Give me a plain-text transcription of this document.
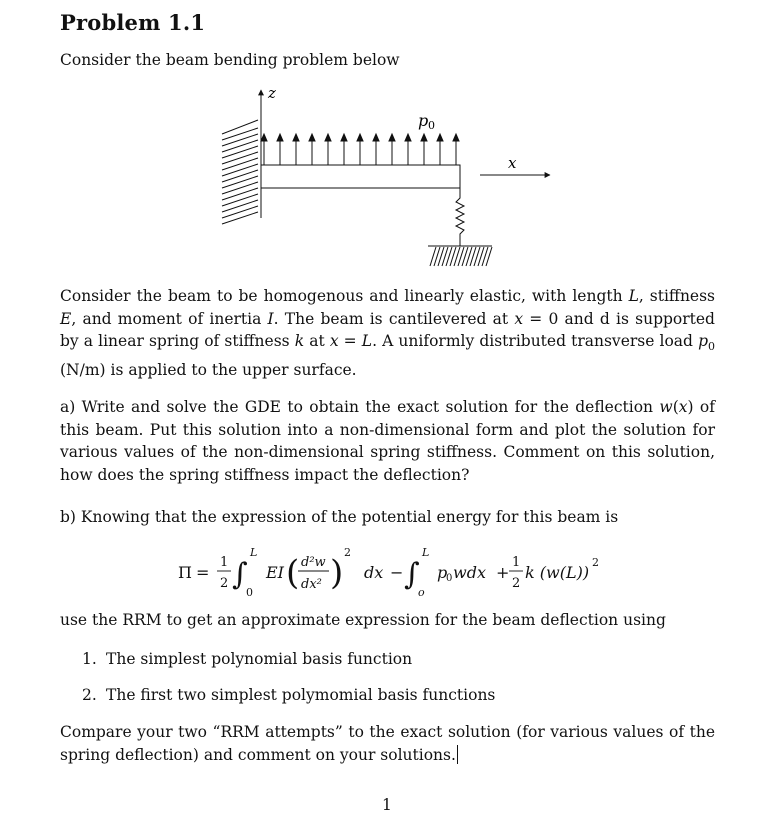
Problem 1.1
Consider the beam bending problem below
z
p 0
x
Consider the beam to be homogenous and linearly elastic, with length L, stiffness E, and moment of inertia I. The beam is cantilevered at x = 0 and d is supported by a linear spring of stiffness k at x = L. A uniformly distributed transverse load $p_0$ (N/m) is applied to the upper surface.
a) Write and solve the GDE to obtain the exact solution for the deflection w(x) of this beam. Put this solution into a non-dimensional form and plot the solution for various values of the non-dimensional spring stiffness. Comment on this solution, how does the spring stiffness impact the deflection?
b) Knowing that the expression of the potential energy for this beam is
Π =
1
2 ∫
L
0
EI ( d²w
dx² )
2
dx − ∫
L
o
p
0 wdx +
1
2
k (w(L))
2
use the RRM to get an approximate expression for the beam deflection using
1. The simplest polynomial basis function
2. The first two simplest polymomial basis functions
Compare your two “RRM attempts” to the exact solution (for various values of the spring deflection) and comment on your solutions.
1
